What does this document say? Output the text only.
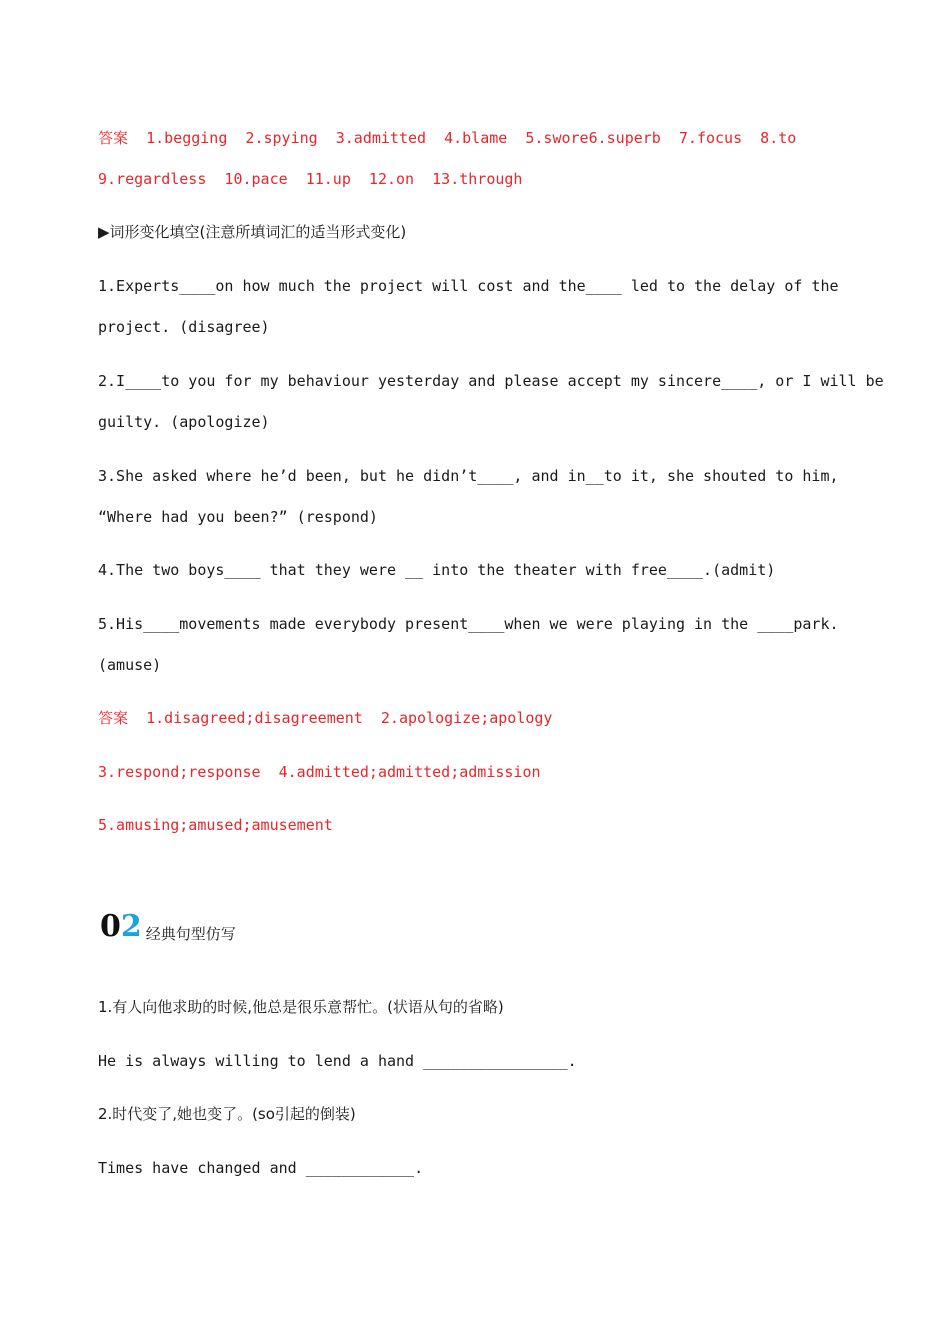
答案 1.begging  2.spying  3.admitted  4.blame  5.swore6.superb  7.focus  8.to
9.regardless  10.pace  11.up  12.on  13.through
▶词形变化填空(注意所填词汇的适当形式变化)
1.Experts____on how much the project will cost and the____ led to the delay of the
project. (disagree)
2.I____to you for my behaviour yesterday and please accept my sincere____, or I will be
guilty. (apologize)
3.She asked where he’d been, but he didn’t____, and in__to it, she shouted to him,
“Where had you been?” (respond)
4.The two boys____ that they were __ into the theater with free____.(admit)
5.His____movements made everybody present____when we were playing in the ____park.
(amuse)
答案 1.disagreed;disagreement  2.apologize;apology
3.respond;response  4.admitted;admitted;admission
5.amusing;amused;amusement
0 2 经典句型仿写
1.有人向他求助的时候,他总是很乐意帮忙。(状语从句的省略)
He is always willing to lend a hand ________________.
2.时代变了,她也变了。(so引起的倒装)
Times have changed and ____________.
